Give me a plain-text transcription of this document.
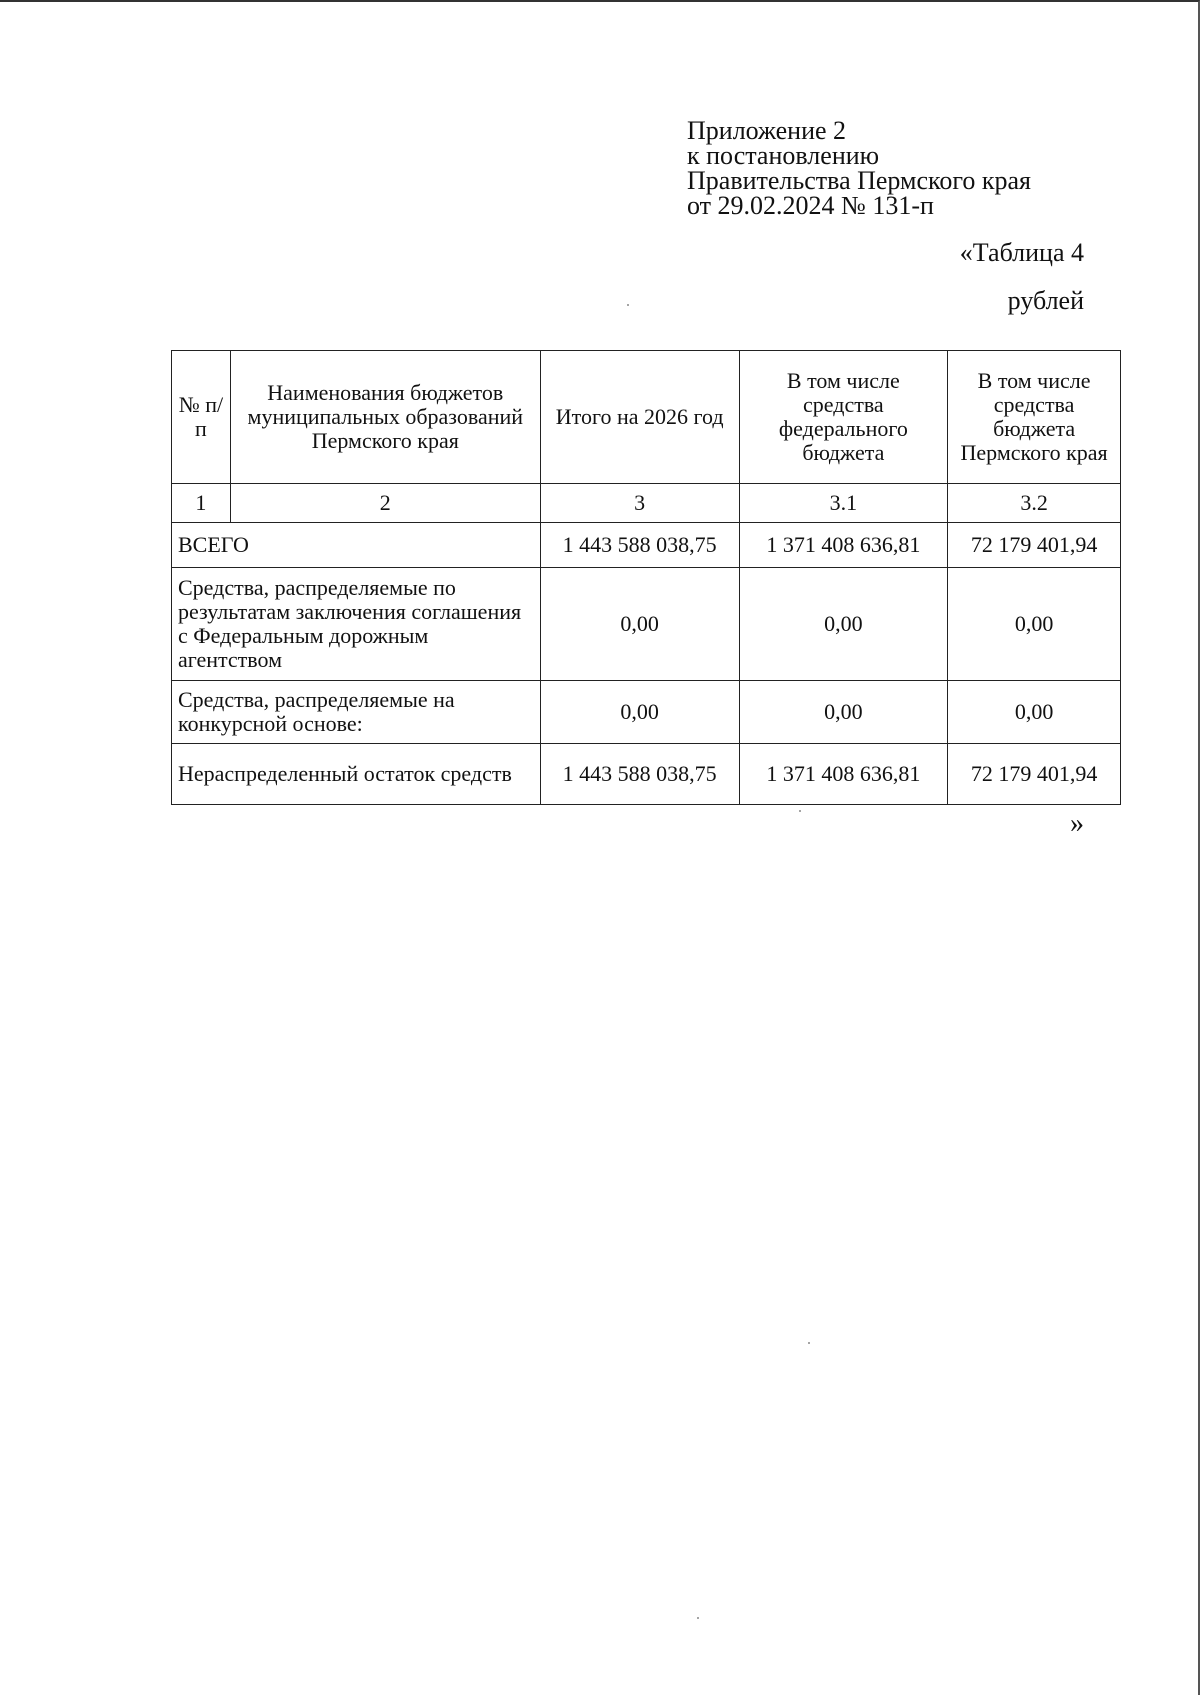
Приложение 2
к постановлению
Правительства Пермского края
от 29.02.2024 № 131-п
«Таблица 4
рублей
№ п/п	Наименования бюджетов муниципальных образований Пермского края	Итого на 2026 год	В том числе средства федерального бюджета	В том числе средства бюджета Пермского края

1	2	3	3.1	3.2
ВСЕГО		1 443 588 038,75	1 371 408 636,81	72 179 401,94
Средства, распределяемые по результатам заключения соглашения с Федеральным дорожным агентством		0,00	0,00	0,00
Средства, распределяемые на конкурсной основе:		0,00	0,00	0,00
Нераспределенный остаток средств		1 443 588 038,75	1 371 408 636,81	72 179 401,94
»
